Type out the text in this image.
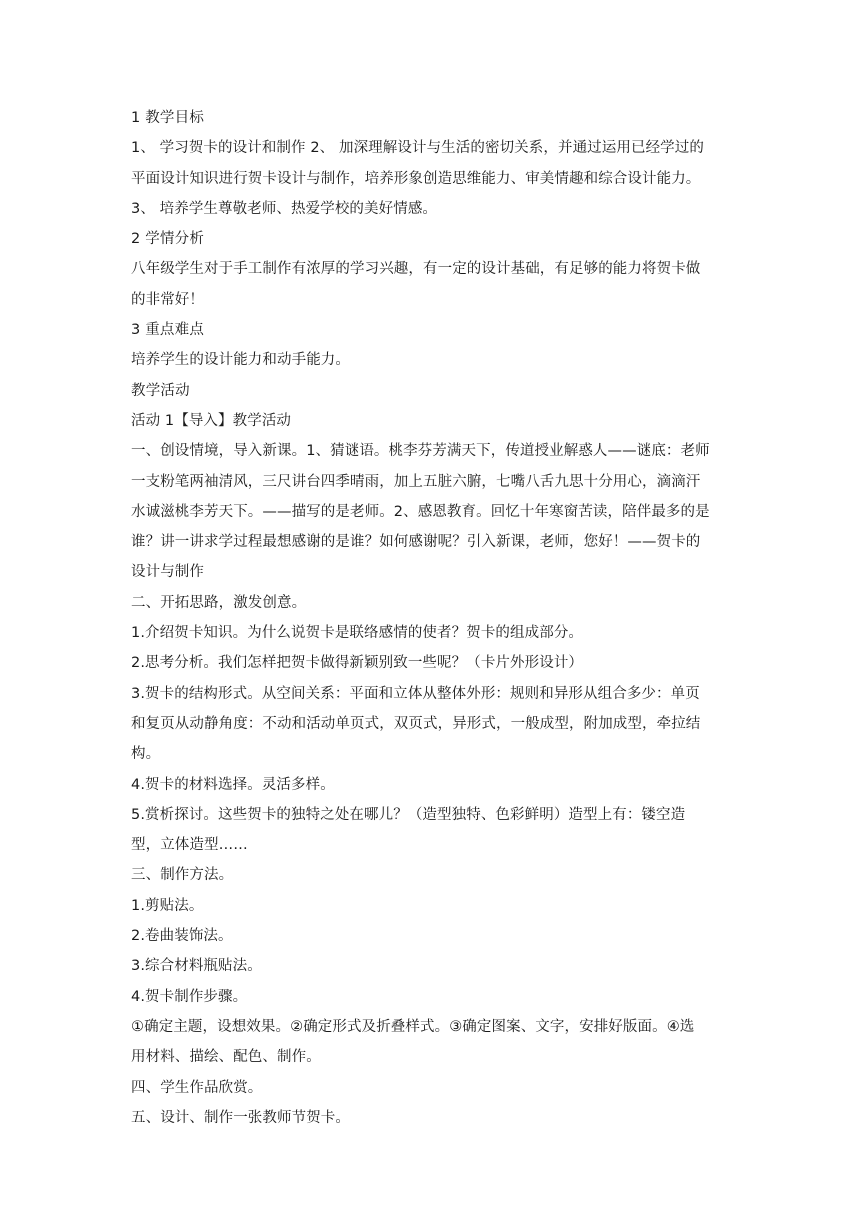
1 教学目标
1、 学习贺卡的设计和制作 2、 加深理解设计与生活的密切关系，并通过运用已经学过的
平面设计知识进行贺卡设计与制作，培养形象创造思维能力、审美情趣和综合设计能力。
3、 培养学生尊敬老师、热爱学校的美好情感。
2 学情分析
八年级学生对于手工制作有浓厚的学习兴趣，有一定的设计基础，有足够的能力将贺卡做
的非常好！
3 重点难点
培养学生的设计能力和动手能力。
教学活动
活动 1【导入】教学活动
一、创设情境，导入新课。1、猜谜语。桃李芬芳满天下，传道授业解惑人——谜底：老师
一支粉笔两袖清风，三尺讲台四季晴雨，加上五脏六腑，七嘴八舌九思十分用心，滴滴汗
水诚滋桃李芳天下。——描写的是老师。2、感恩教育。回忆十年寒窗苦读，陪伴最多的是
谁？讲一讲求学过程最想感谢的是谁？如何感谢呢？引入新课，老师，您好！——贺卡的
设计与制作
二、开拓思路，激发创意。
1.介绍贺卡知识。为什么说贺卡是联络感情的使者？贺卡的组成部分。
2.思考分析。我们怎样把贺卡做得新颖别致一些呢？（卡片外形设计）
3.贺卡的结构形式。从空间关系：平面和立体从整体外形：规则和异形从组合多少：单页
和复页从动静角度：不动和活动单页式，双页式，异形式，一般成型，附加成型，牵拉结
构。
4.贺卡的材料选择。灵活多样。
5.赏析探讨。这些贺卡的独特之处在哪儿？（造型独特、色彩鲜明）造型上有：镂空造
型，立体造型……
三、制作方法。
1.剪贴法。
2.卷曲装饰法。
3.综合材料瓶贴法。
4.贺卡制作步骤。
①确定主题，设想效果。②确定形式及折叠样式。③确定图案、文字，安排好版面。④选
用材料、描绘、配色、制作。
四、学生作品欣赏。
五、设计、制作一张教师节贺卡。
